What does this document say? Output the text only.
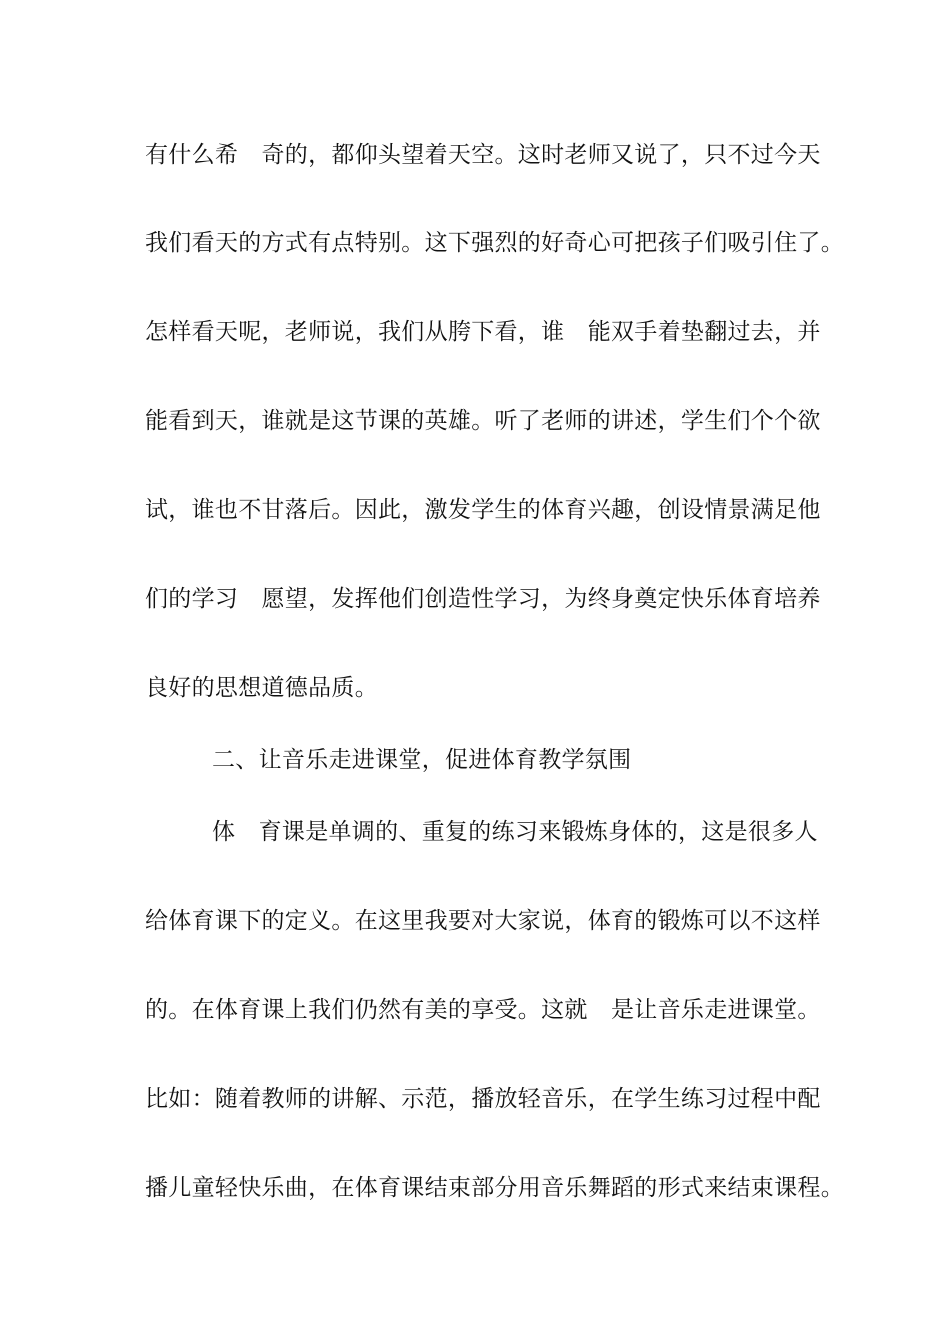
有什么希　奇的，都仰头望着天空。这时老师又说了，只不过今天
我们看天的方式有点特别。这下强烈的好奇心可把孩子们吸引住了。
怎样看天呢，老师说，我们从胯下看，谁　能双手着垫翻过去，并
能看到天，谁就是这节课的英雄。听了老师的讲述，学生们个个欲
试，谁也不甘落后。因此，激发学生的体育兴趣，创设情景满足他
们的学习　愿望，发挥他们创造性学习，为终身奠定快乐体育培养
良好的思想道德品质。
二、让音乐走进课堂，促进体育教学氛围
体　育课是单调的、重复的练习来锻炼身体的，这是很多人
给体育课下的定义。在这里我要对大家说，体育的锻炼可以不这样
的。在体育课上我们仍然有美的享受。这就　是让音乐走进课堂。
比如：随着教师的讲解、示范，播放轻音乐，在学生练习过程中配
播儿童轻快乐曲，在体育课结束部分用音乐舞蹈的形式来结束课程。
